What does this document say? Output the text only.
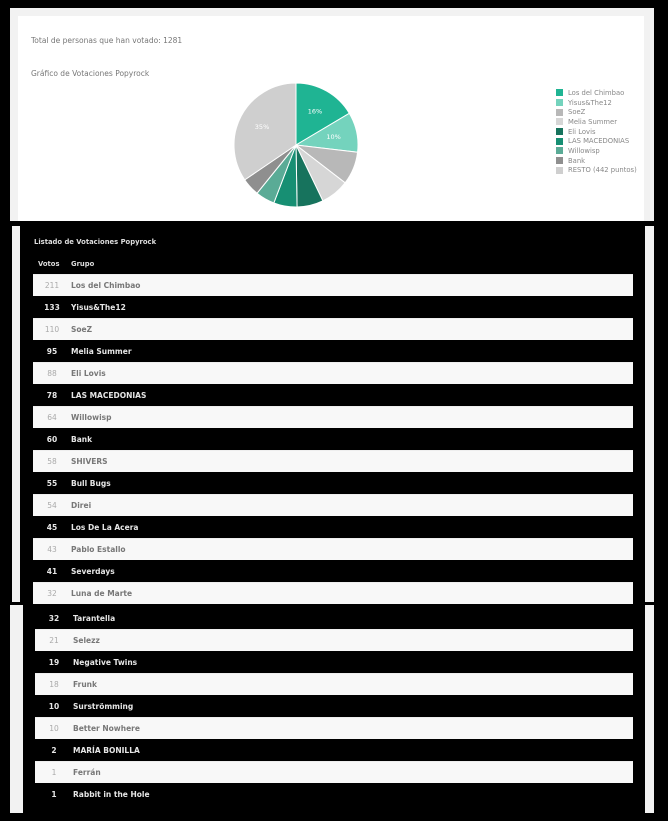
Total de personas que han votado: 1281
Gráfico de Votaciones Popyrock
16%
10%
35%
Los del Chimbao
Yisus&The12
SoeZ
Melia Summer
Eli Lovis
LAS MACEDONIAS
Willowisp
Bank
RESTO (442 puntos)
Listado de Votaciones Popyrock
Votos Grupo
211	Los del Chimbao
133	Yisus&The12
110	SoeZ
95	Melia Summer
88	Eli Lovis
78	LAS MACEDONIAS
64	Willowisp
60	Bank
58	SHIVERS
55	Bull Bugs
54	Direi
45	Los De La Acera
43	Pablo Estallo
41	Severdays
32	Luna de Marte
32	Tarantella
21	Selezz
19	Negative Twins
18	Frunk
10	Surströmming
10	Better Nowhere
2	MARÍA BONILLA
1	Ferrán
1	Rabbit in the Hole
